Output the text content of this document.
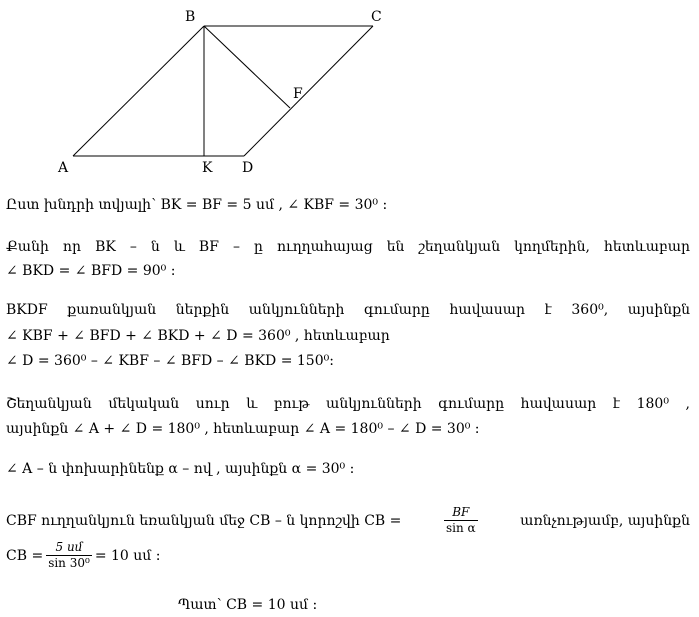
B	C
F
A	K D
Ըստ խնդրի տվյալի՝ BK = BF = 5 սմ , ∠ KBF = 30⁰ :
Քանի որ BK – ն և BF – ը ուղղահայաց են շեղանկյան կողմերին, հետևաբար
∠ BKD = ∠ BFD = 90⁰ :
BKDF քառանկյան ներքին անկյունների գումարը հավասար է 360⁰, այսինքն
∠ KBF + ∠ BFD + ∠ BKD + ∠ D = 360⁰ , հետևաբար
∠ D = 360⁰ – ∠ KBF – ∠ BFD – ∠ BKD = 150⁰:
Շեղանկյան մեկական սուր և բութ անկյունների գումարը հավասար է 180⁰ ,
այսինքն ∠ A + ∠ D = 180⁰ , հետևաբար ∠ A = 180⁰ – ∠ D = 30⁰ :
∠ A – ն փոխարինենք α – ով , այսինքն α = 30⁰ :
CBF ուղղանկյուն եռանկյան մեջ CB – ն կորոշվի CB =	$\frac{BF}{\text{sin α}}$	առնչությամբ, այսինքն
CB = $\frac{\text{5 սմ}}{\text{sin 30⁰}} = 10$ սմ :
Պատ՝ CB = 10 սմ :
